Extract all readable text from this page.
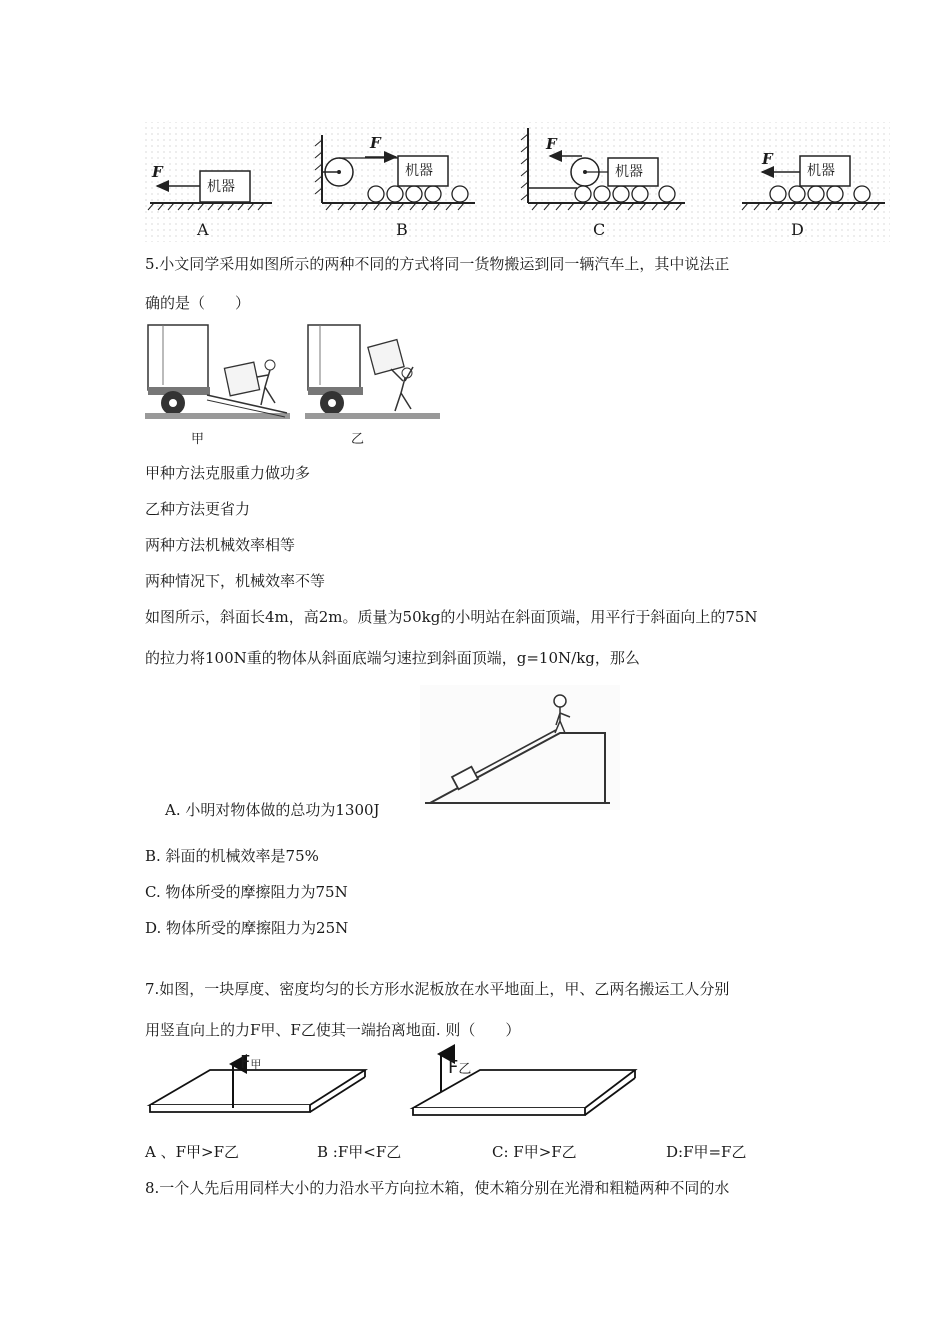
F
F	F
F
机器
机器	机器	机器
A	B	C	D
5.小文同学采用如图所示的两种不同的方式将同一货物搬运到同一辆汽车上，其中说法正
确的是（　　）
甲	乙
甲种方法克服重力做功多
乙种方法更省力
两种方法机械效率相等
两种情况下，机械效率不等
如图所示，斜面长4m，高2m。质量为50kg的小明站在斜面顶端，用平行于斜面向上的75N
的拉力将100N重的物体从斜面底端匀速拉到斜面顶端，g=10N/kg，那么
A. 小明对物体做的总功为1300J
B. 斜面的机械效率是75%
C. 物体所受的摩擦阻力为75N
D. 物体所受的摩擦阻力为25N
7.如图，一块厚度、密度均匀的长方形水泥板放在水平地面上，甲、乙两名搬运工人分别
用竖直向上的力F甲、F乙使其一端抬离地面. 则（　　）
F甲	F乙
A 、F甲>F乙	B :F甲<F乙	C: F甲>F乙	D:F甲=F乙
8.一个人先后用同样大小的力沿水平方向拉木箱，使木箱分别在光滑和粗糙两种不同的水
